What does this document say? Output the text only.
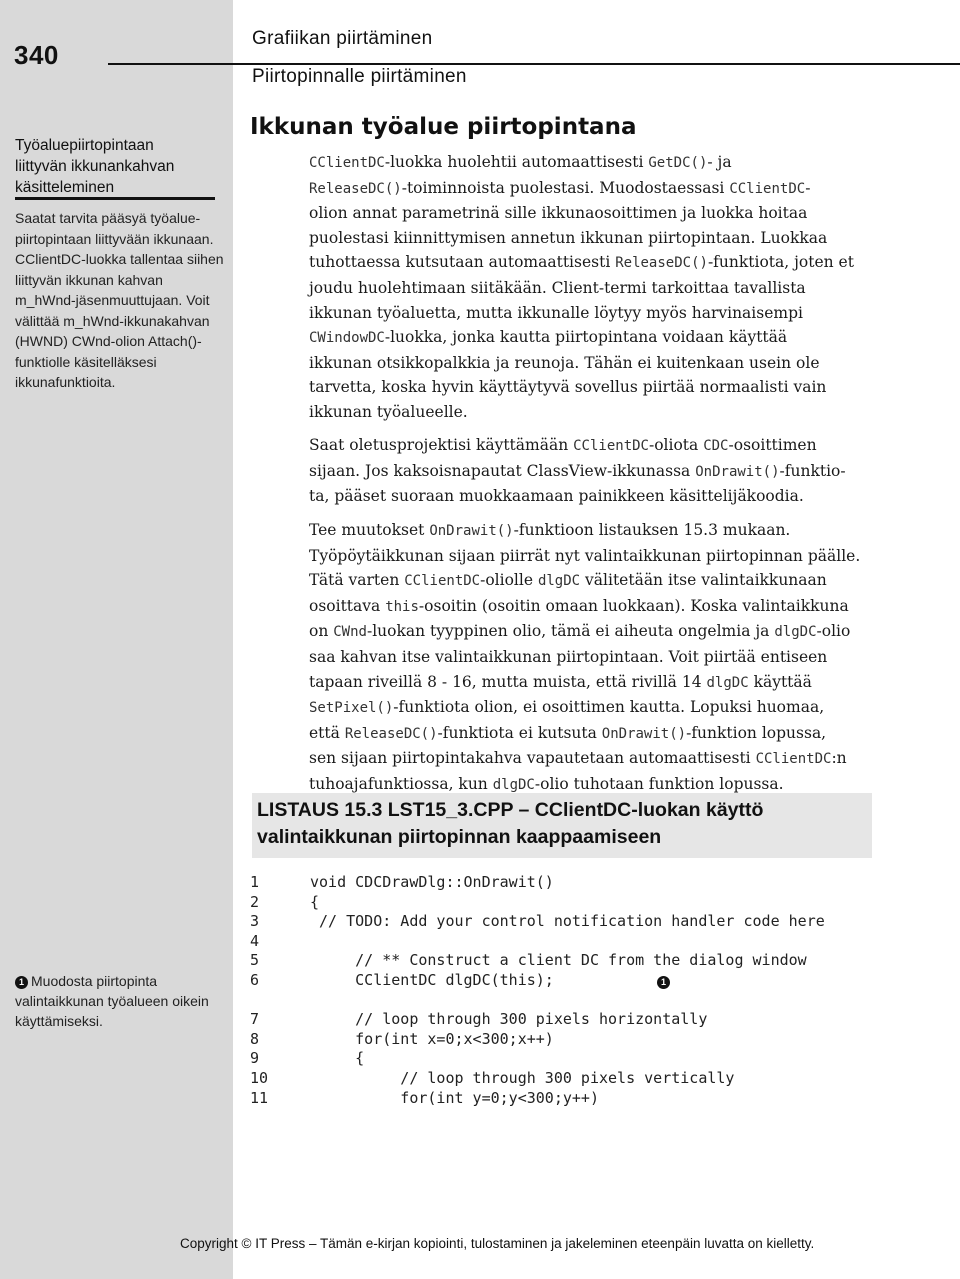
340
Grafiikan piirtäminen
Piirtopinnalle piirtäminen
Työaluepiirtopintaan
liittyvän ikkunankahvan
käsitteleminen
Saatat tarvita pääsyä työalue-
piirtopintaan liittyvään ikkunaan.
CClientDC-luokka tallentaa siihen
liittyvän ikkunan kahvan
m_hWnd-jäsenmuuttujaan. Voit
välittää m_hWnd-ikkunakahvan
(HWND) CWnd-olion Attach()-
funktiolle käsitelläksesi
ikkunafunktioita.
1 Muodosta piirtopinta
valintaikkunan työalueen oikein
käyttämiseksi.
Ikkunan työalue piirtopintana

CClientDC-luokka huolehtii automaattisesti GetDC()- ja

ReleaseDC()-toiminnoista puolestasi. Muodostaessasi CClientDC-

olion annat parametrinä sille ikkunaosoittimen ja luokka hoitaa

puolestasi kiinnittymisen annetun ikkunan piirtopintaan. Luokkaa

tuhottaessa kutsutaan automaattisesti ReleaseDC()-funktiota, joten et

joudu huolehtimaan siitäkään. Client-termi tarkoittaa tavallista

ikkunan työaluetta, mutta ikkunalle löytyy myös harvinaisempi

CWindowDC-luokka, jonka kautta piirtopintana voidaan käyttää

ikkunan otsikkopalkkia ja reunoja. Tähän ei kuitenkaan usein ole

tarvetta, koska hyvin käyttäytyvä sovellus piirtää normaalisti vain

ikkunan työalueelle.

Saat oletusprojektisi käyttämään CClientDC-oliota CDC-osoittimen

sijaan. Jos kaksoisnapautat ClassView-ikkunassa OnDrawit()-funktio-

ta, pääset suoraan muokkaamaan painikkeen käsittelijäkoodia.

Tee muutokset OnDrawit()-funktioon listauksen 15.3 mukaan.

Työpöytäikkunan sijaan piirrät nyt valintaikkunan piirtopinnan päälle.

Tätä varten CClientDC-oliolle dlgDC välitetään itse valintaikkunaan

osoittava this-osoitin (osoitin omaan luokkaan). Koska valintaikkuna

on CWnd-luokan tyyppinen olio, tämä ei aiheuta ongelmia ja dlgDC-olio

saa kahvan itse valintaikkunan piirtopintaan. Voit piirtää entiseen

tapaan riveillä 8 - 16, mutta muista, että rivillä 14 dlgDC käyttää

SetPixel()-funktiota olion, ei osoittimen kautta. Lopuksi huomaa,

että ReleaseDC()-funktiota ei kutsuta OnDrawit()-funktion lopussa,

sen sijaan piirtopintakahva vapautetaan automaattisesti CClientDC:n

tuhoajafunktiossa, kun dlgDC-olio tuhotaan funktion lopussa.

LISTAUS 15.3 LST15_3.CPP – CClientDC-luokan käyttö
valintaikkunan piirtopinnan kaappaamiseen
1	void CDCDrawDlg::OnDrawit()
2	{
3	// TODO: Add your control notification handler code here
4
5	// ** Construct a client DC from the dialog window
6	CClientDC dlgDC(this);
7	// loop through 300 pixels horizontally
8	for(int x=0;x<300;x++)
9	{
10	// loop through 300 pixels vertically
11	for(int y=0;y<300;y++)
1
Copyright © IT Press – Tämän e-kirjan kopiointi, tulostaminen ja jakeleminen eteenpäin luvatta on kielletty.
